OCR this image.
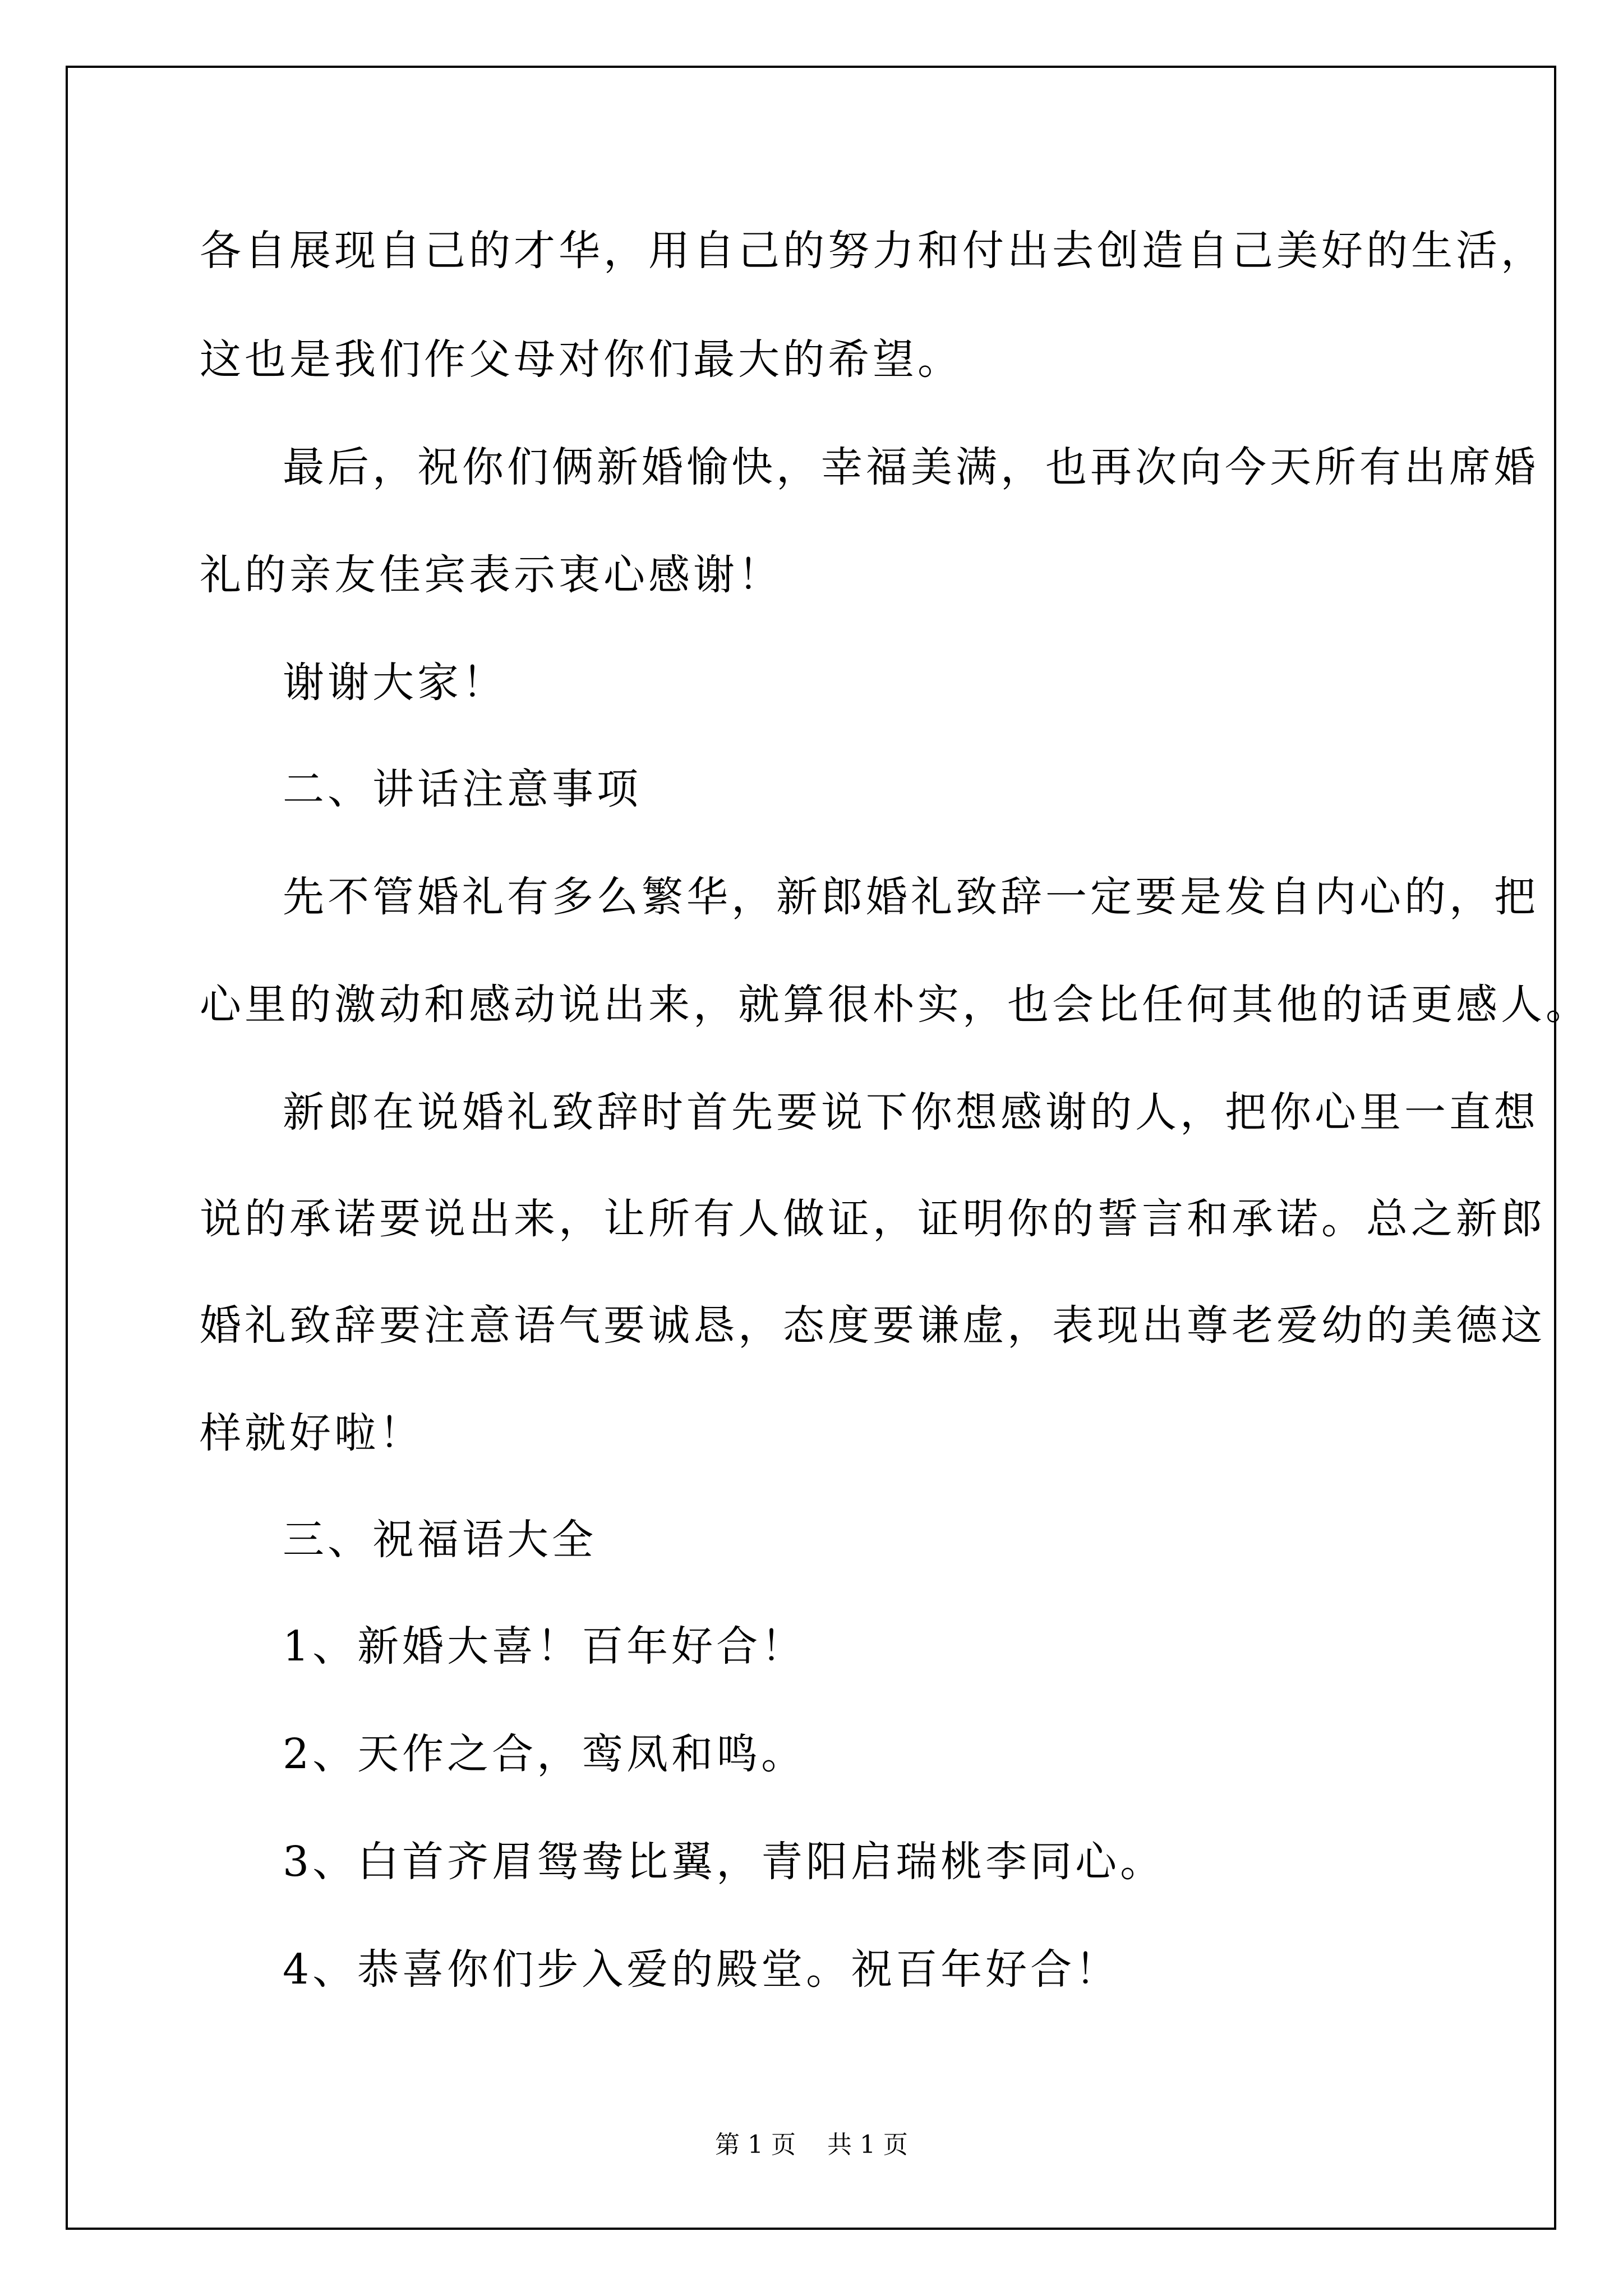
各自展现自己的才华，用自己的努力和付出去创造自己美好的生活，
这也是我们作父母对你们最大的希望。
最后，祝你们俩新婚愉快，幸福美满，也再次向今天所有出席婚
礼的亲友佳宾表示衷心感谢！
谢谢大家！
二、讲话注意事项
先不管婚礼有多么繁华，新郎婚礼致辞一定要是发自内心的，把
心里的激动和感动说出来，就算很朴实，也会比任何其他的话更感人。
新郎在说婚礼致辞时首先要说下你想感谢的人，把你心里一直想
说的承诺要说出来，让所有人做证，证明你的誓言和承诺。总之新郎
婚礼致辞要注意语气要诚恳，态度要谦虚，表现出尊老爱幼的美德这
样就好啦！
三、祝福语大全
1、新婚大喜！百年好合！
2、天作之合，鸾凤和鸣。
3、白首齐眉鸳鸯比翼，青阳启瑞桃李同心。
4、恭喜你们步入爱的殿堂。祝百年好合！
第 1 页    共 1 页
